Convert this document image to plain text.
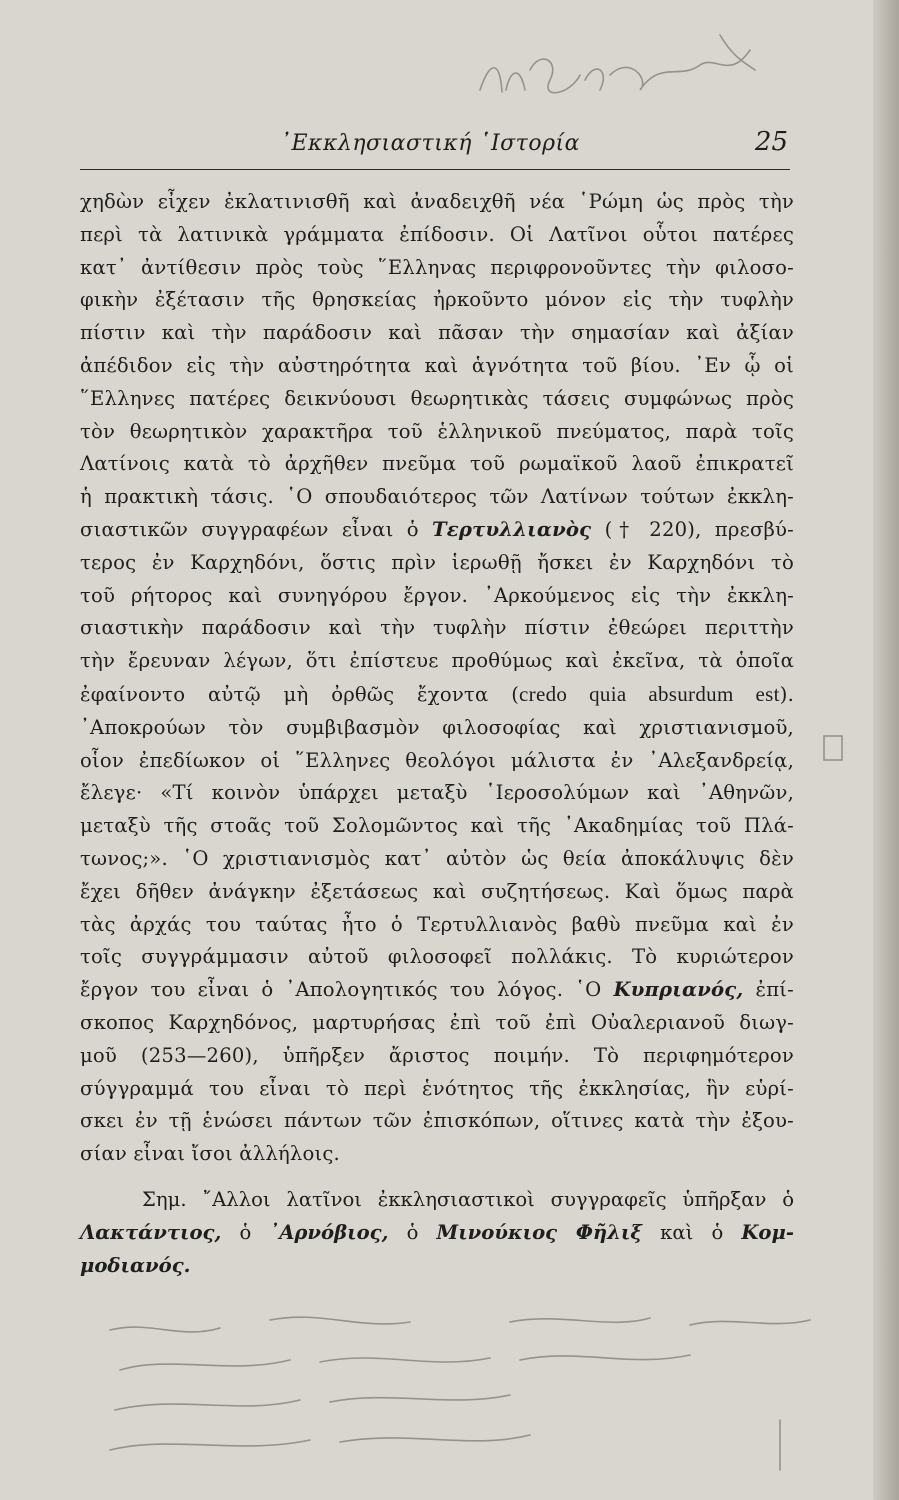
᾿Εκκλησιαστική ῾Ιστορία	25
χηδὼν εἶχεν ἐκλατινισθῆ καὶ ἀναδειχθῆ νέα ῾Ρώμη ὡς πρὸς τὴν
περὶ τὰ λατινικὰ γράμματα ἐπίδοσιν. Οἱ Λατῖνοι οὗτοι πατέρες
κατ᾿ ἀντίθεσιν πρὸς τοὺς ῞Ελληνας περιφρονοῦντες τὴν φιλοσο-
φικὴν ἐξέτασιν τῆς θρησκείας ἠρκοῦντο μόνον εἰς τὴν τυφλὴν
πίστιν καὶ τὴν παράδοσιν καὶ πᾶσαν τὴν σημασίαν καὶ ἀξίαν
ἀπέδιδον εἰς τὴν αὐστηρότητα καὶ ἁγνότητα τοῦ βίου. ᾿Εν ᾧ οἱ
῞Ελληνες πατέρες δεικνύουσι θεωρητικὰς τάσεις συμφώνως πρὸς
τὸν θεωρητικὸν χαρακτῆρα τοῦ ἑλληνικοῦ πνεύματος, παρὰ τοῖς
Λατίνοις κατὰ τὸ ἀρχῆθεν πνεῦμα τοῦ ρωμαϊκοῦ λαοῦ ἐπικρατεῖ
ἡ πρακτικὴ τάσις. ῾Ο σπουδαιότερος τῶν Λατίνων τούτων ἐκκλη-
σιαστικῶν συγγραφέων εἶναι ὁ Τερτυλλιανὸς († 220), πρεσβύ-
τερος ἐν Καρχηδόνι, ὅστις πρὶν ἱερωθῇ ἤσκει ἐν Καρχηδόνι τὸ
τοῦ ρήτορος καὶ συνηγόρου ἔργον. ᾿Αρκούμενος εἰς τὴν ἐκκλη-
σιαστικὴν παράδοσιν καὶ τὴν τυφλὴν πίστιν ἐθεώρει περιττὴν
τὴν ἔρευναν λέγων, ὅτι ἐπίστευε προθύμως καὶ ἐκεῖνα, τὰ ὁποῖα
ἐφαίνοντο αὐτῷ μὴ ὀρθῶς ἔχοντα (credo quia absurdum est).
᾿Αποκρούων τὸν συμβιβασμὸν φιλοσοφίας καὶ χριστιανισμοῦ,
οἷον ἐπεδίωκον οἱ ῞Ελληνες θεολόγοι μάλιστα ἐν ᾿Αλεξανδρείᾳ,
ἔλεγε· «Τί κοινὸν ὑπάρχει μεταξὺ ῾Ιεροσολύμων καὶ ᾿Αθηνῶν,
μεταξὺ τῆς στοᾶς τοῦ Σολομῶντος καὶ τῆς ᾿Ακαδημίας τοῦ Πλά-
τωνος;». ῾Ο χριστιανισμὸς κατ᾿ αὐτὸν ὡς θεία ἀποκάλυψις δὲν
ἔχει δῆθεν ἀνάγκην ἐξετάσεως καὶ συζητήσεως. Καὶ ὅμως παρὰ
τὰς ἀρχάς του ταύτας ἦτο ὁ Τερτυλλιανὸς βαθὺ πνεῦμα καὶ ἐν
τοῖς συγγράμμασιν αὐτοῦ φιλοσοφεῖ πολλάκις. Τὸ κυριώτερον
ἔργον του εἶναι ὁ ᾿Απολογητικός του λόγος. ῾Ο Κυπριανός, ἐπί-
σκοπος Καρχηδόνος, μαρτυρήσας ἐπὶ τοῦ ἐπὶ Οὐαλεριανοῦ διωγ-
μοῦ (253—260), ὑπῆρξεν ἄριστος ποιμήν. Τὸ περιφημότερον
σύγγραμμά του εἶναι τὸ περὶ ἑνότητος τῆς ἐκκλησίας, ἣν εὑρί-
σκει ἐν τῇ ἑνώσει πάντων τῶν ἐπισκόπων, οἵτινες κατὰ τὴν ἐξου-
σίαν εἶναι ἴσοι ἀλλήλοις.
Σημ. ῎Αλλοι λατῖνοι ἐκκλησιαστικοὶ συγγραφεῖς ὑπῆρξαν ὁ
Λακτάντιος, ὁ ᾿Αρνόβιος, ὁ Μινούκιος Φῆλιξ καὶ ὁ Κομ-
μοδιανός.
